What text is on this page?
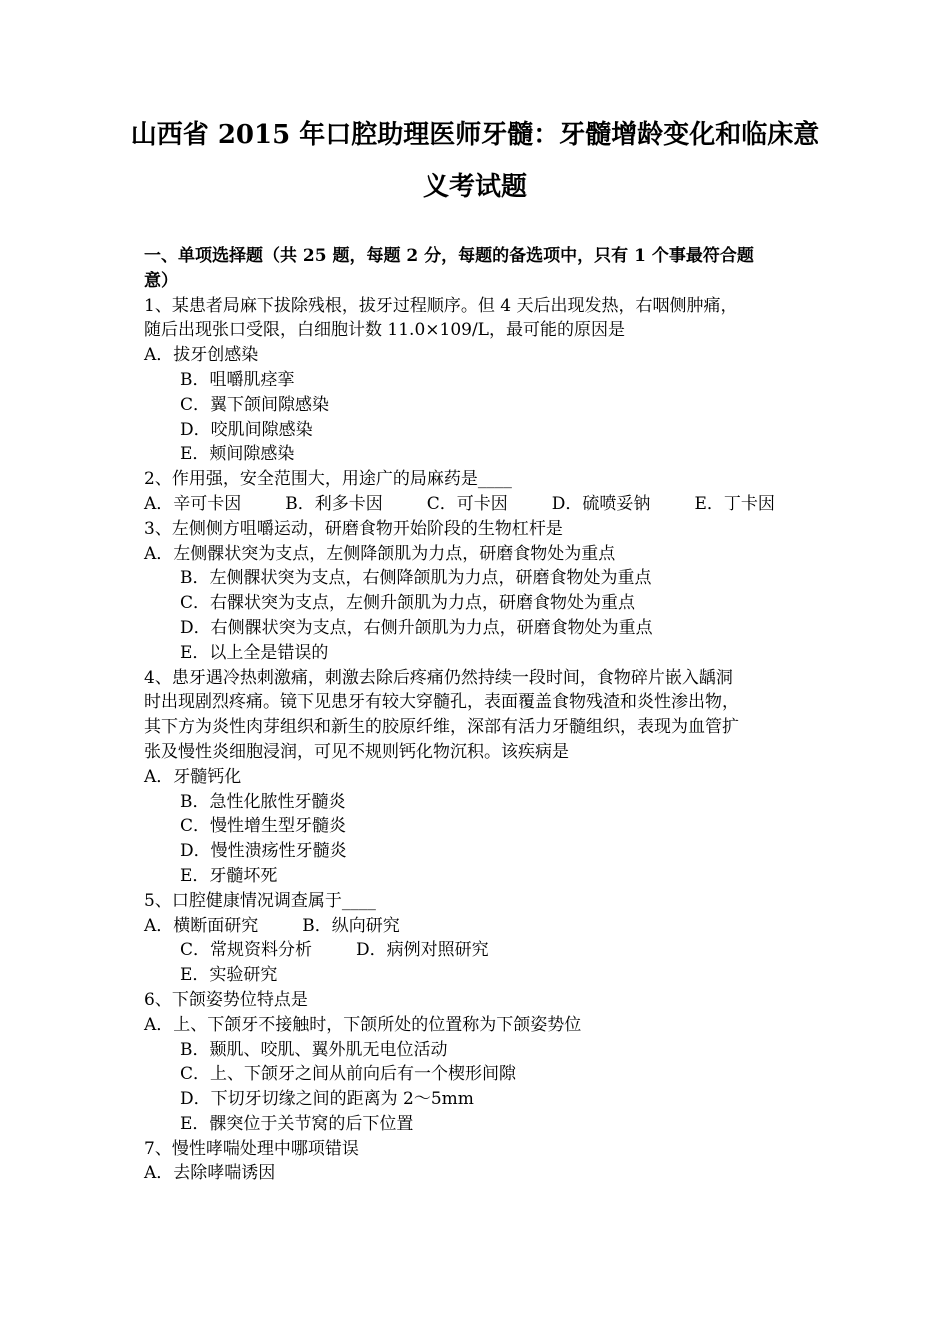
山西省 2015 年口腔助理医师牙髓：牙髓增龄变化和临床意
义考试题
一、单项选择题（共 25 题，每题 2 分，每题的备选项中，只有 1 个事最符合题
意）
1、某患者局麻下拔除残根，拔牙过程顺序。但 4 天后出现发热，右咽侧肿痛，
随后出现张口受限，白细胞计数 11.0×109/L，最可能的原因是
A．拔牙创感染
B．咀嚼肌痉挛
C．翼下颌间隙感染
D．咬肌间隙感染
E．颊间隙感染
2、作用强，安全范围大，用途广的局麻药是____
A．辛可卡因	B．利多卡因	C．可卡因	D．硫喷妥钠	E．丁卡因
3、左侧侧方咀嚼运动，研磨食物开始阶段的生物杠杆是
A．左侧髁状突为支点，左侧降颌肌为力点，研磨食物处为重点
B．左侧髁状突为支点，右侧降颌肌为力点，研磨食物处为重点
C．右髁状突为支点，左侧升颌肌为力点，研磨食物处为重点
D．右侧髁状突为支点，右侧升颌肌为力点，研磨食物处为重点
E．以上全是错误的
4、患牙遇冷热刺激痛，刺激去除后疼痛仍然持续一段时间，食物碎片嵌入龋洞
时出现剧烈疼痛。镜下见患牙有较大穿髓孔，表面覆盖食物残渣和炎性渗出物，
其下方为炎性肉芽组织和新生的胶原纤维，深部有活力牙髓组织，表现为血管扩
张及慢性炎细胞浸润，可见不规则钙化物沉积。该疾病是
A．牙髓钙化
B．急性化脓性牙髓炎
C．慢性增生型牙髓炎
D．慢性溃疡性牙髓炎
E．牙髓坏死
5、口腔健康情况调查属于____
A．横断面研究	B．纵向研究
C．常规资料分析	D．病例对照研究
E．实验研究
6、下颌姿势位特点是
A．上、下颌牙不接触时，下颌所处的位置称为下颌姿势位
B．颞肌、咬肌、翼外肌无电位活动
C．上、下颌牙之间从前向后有一个楔形间隙
D．下切牙切缘之间的距离为 2～5mm
E．髁突位于关节窝的后下位置
7、慢性哮喘处理中哪项错误
A．去除哮喘诱因
